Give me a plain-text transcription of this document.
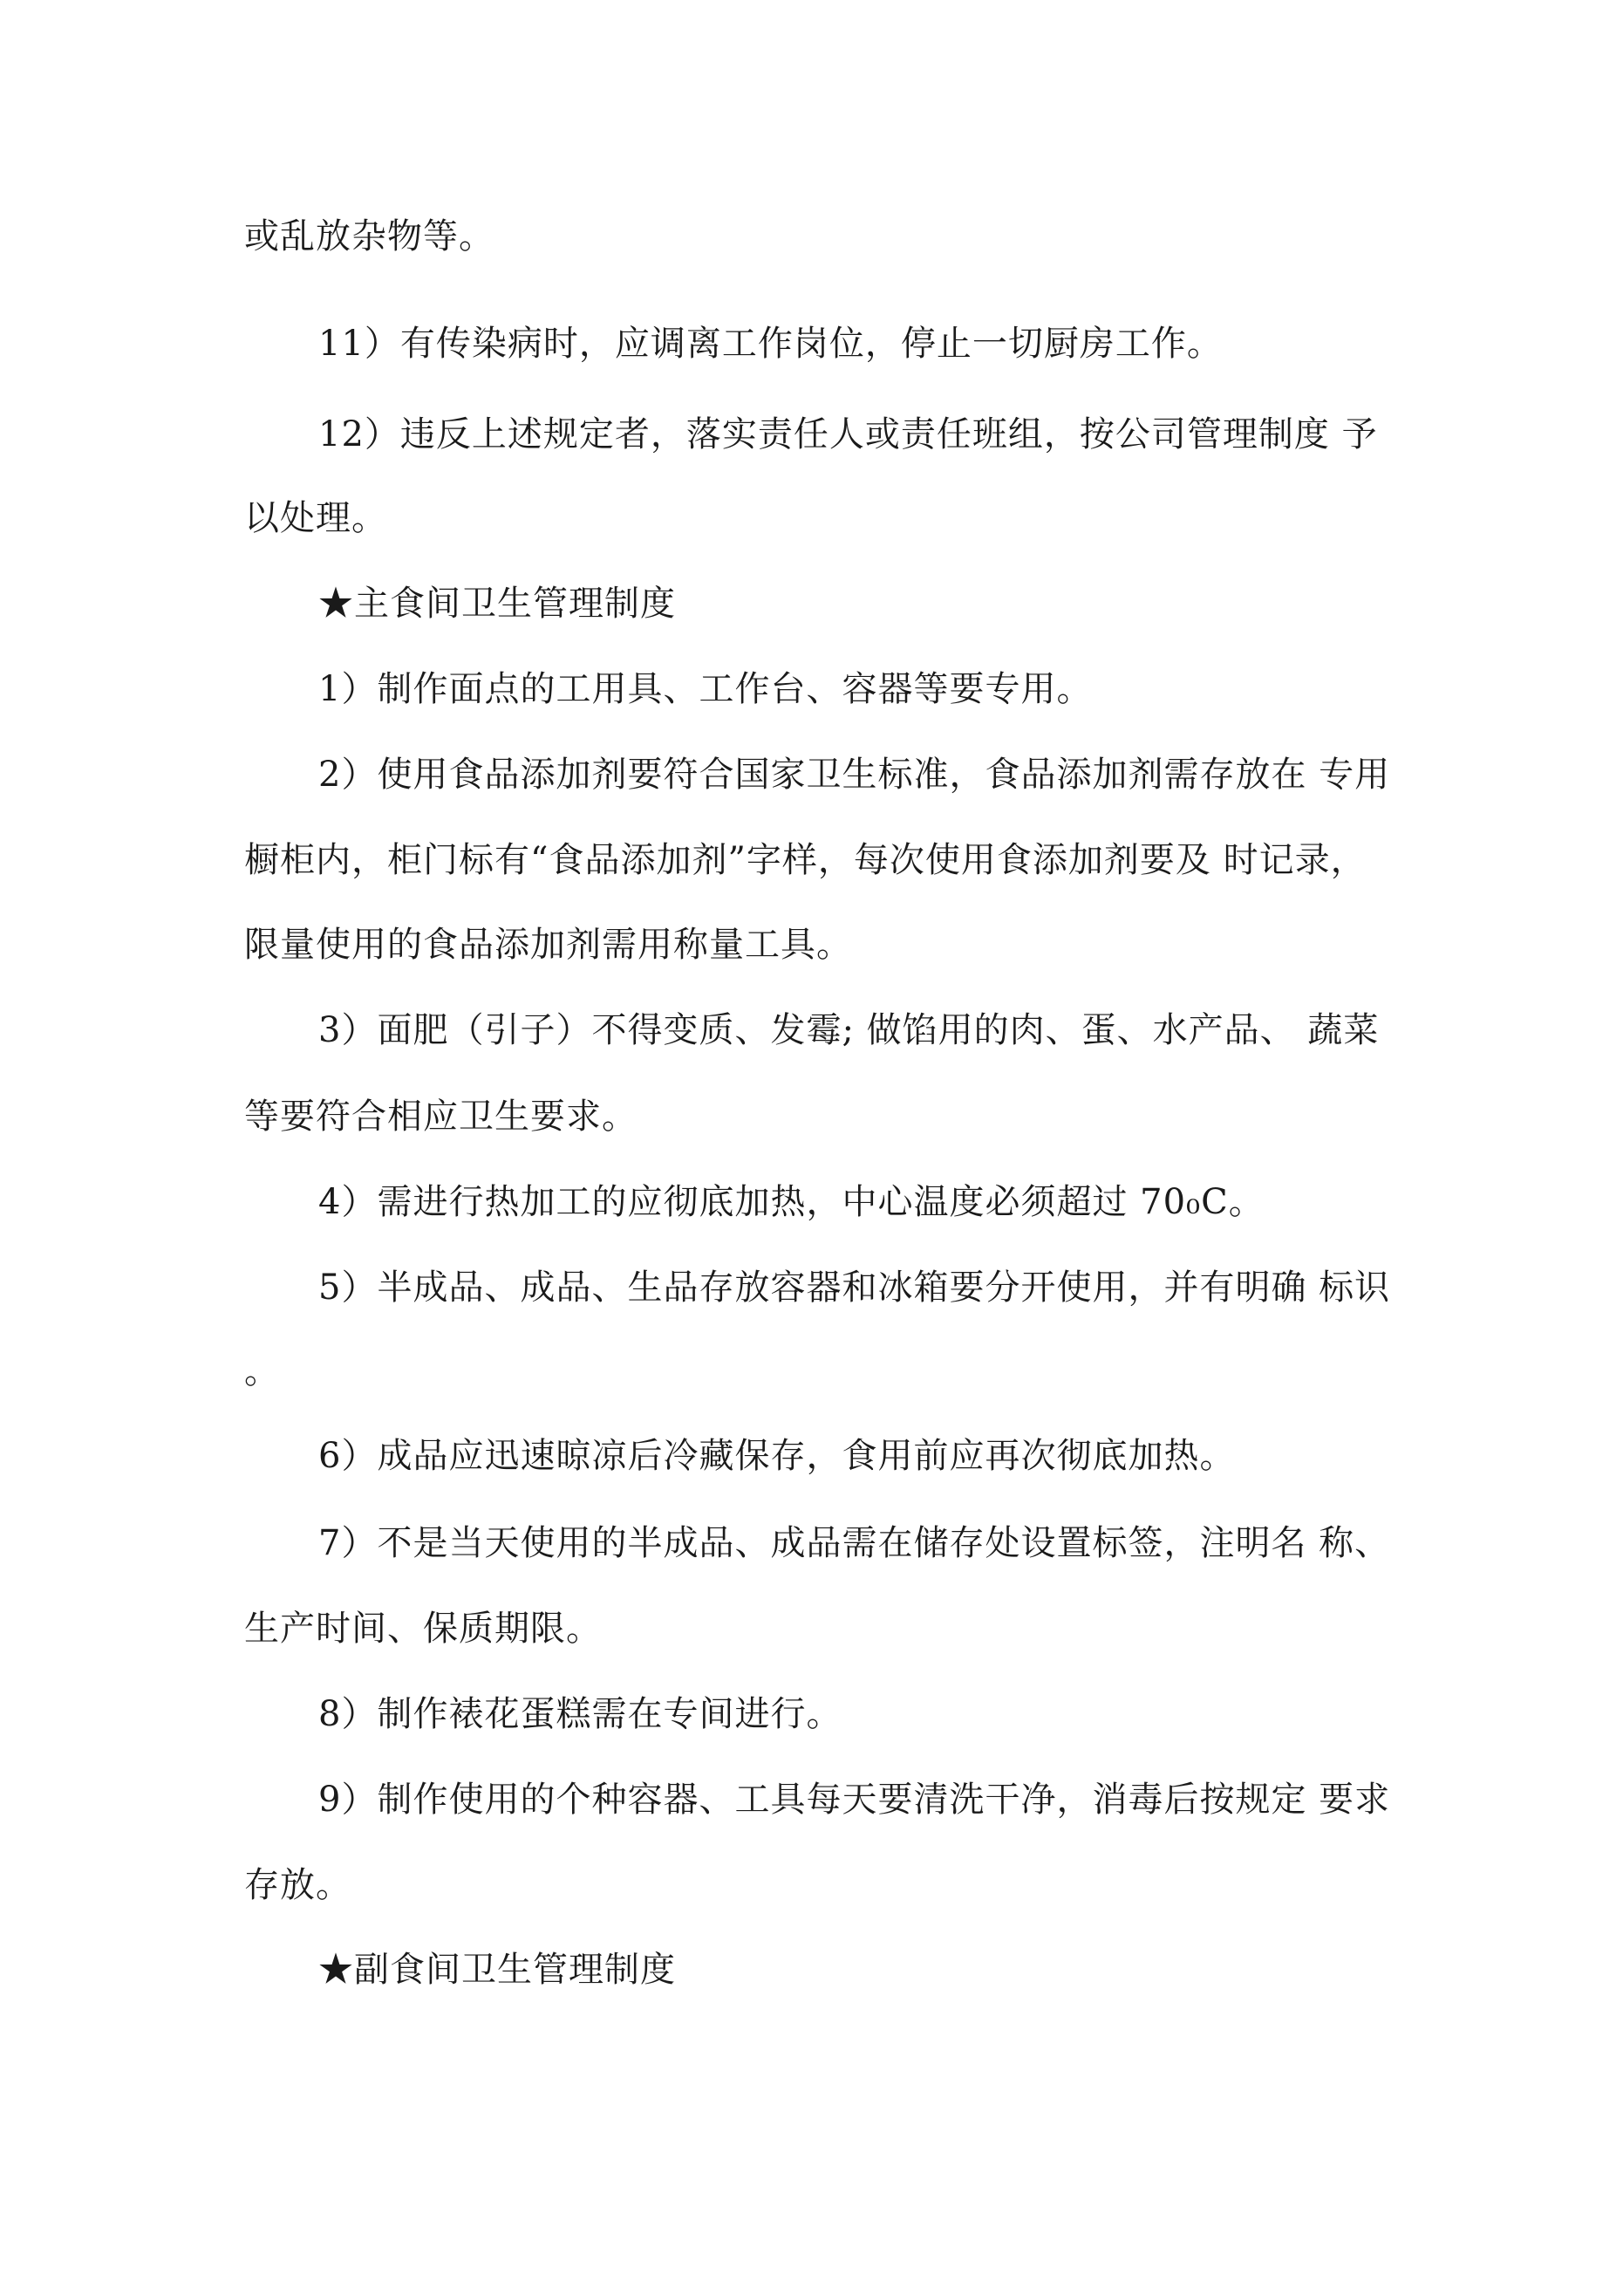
或乱放杂物等。
11）有传染病时，应调离工作岗位，停止一切厨房工作。
12）违反上述规定者，落实责任人或责任班组，按公司管理制度 予
以处理。
★主食间卫生管理制度
1）制作面点的工用具、工作台、容器等要专用。
2）使用食品添加剂要符合国家卫生标准，食品添加剂需存放在 专用
橱柜内，柜门标有“食品添加剂”字样，每次使用食添加剂要及 时记录，
限量使用的食品添加剂需用称量工具。
3）面肥（引子）不得变质、发霉; 做馅用的肉、蛋、水产品、 蔬菜
等要符合相应卫生要求。
4）需进行热加工的应彻底加热，中心温度必须超过 70₀C。
5）半成品、成品、生品存放容器和冰箱要分开使用，并有明确 标识
。
6）成品应迅速晾凉后冷藏保存，食用前应再次彻底加热。
7）不是当天使用的半成品、成品需在储存处设置标签，注明名 称、
生产时间、保质期限。
8）制作裱花蛋糕需在专间进行。
9）制作使用的个种容器、工具每天要清洗干净，消毒后按规定 要求
存放。
★副食间卫生管理制度
